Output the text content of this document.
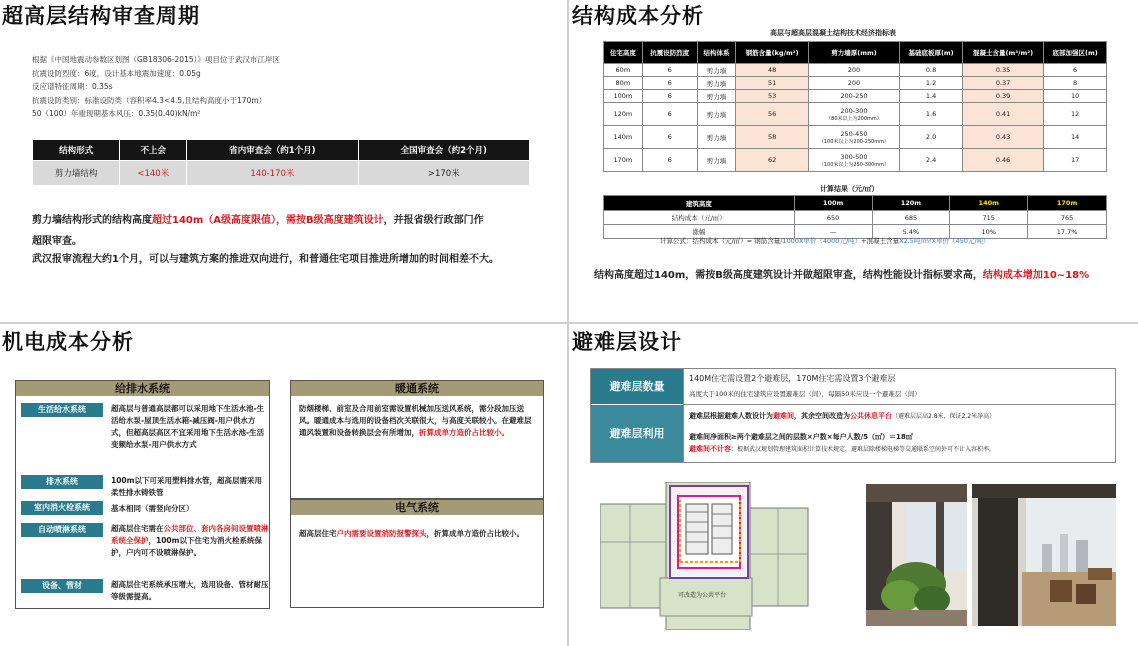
超高层结构审查周期
根据《中国地震动参数区划图（GB18306-2015）》项目位于武汉市江岸区
抗震设防烈度：6度，设计基本地震加速度：0.05g
反应谱特征周期：0.35s
抗震设防类别：标准设防类（容积率4.3<4.5,且结构高度小于170m）
50（100）年重现期基本风压：0.35(0.40)kN/m²
结构形式	不上会	省内审查会（约1个月)	全国审查会（约2个月)
剪力墙结构	<140米	140-170米	>170米
剪力墙结构形式的结构高度超过140m（A级高度限值），需按B级高度建筑设计，并报省级行政部门作
超限审查。
武汉报审流程大约1个月，可以与建筑方案的推进双向进行，和普通住宅项目推进所增加的时间相差不大。
结构成本分析
高层与超高层混凝土结构技术经济指标表
住宅高度	抗震设防烈度	结构体系	钢筋含量(kg/m²)	剪力墙厚(mm)	基础底板厚(m)	混凝土含量(m³/m²)	底部加强区(m)
60m	6	剪力墙	48	200	0.8	0.35	6
80m	6	剪力墙	51	200	1.2	0.37	8
100m	6	剪力墙	53	200-250	1.4	0.39	10
120m	6	剪力墙	56	200-300
（80米以上为200mm）	1.6	0.41	12
140m	6	剪力墙	58	250-450
（100米以上为200-250mm）	2.0	0.43	14
170m	6	剪力墙	62	300-500
（100米以上为250-300mm）	2.4	0.46	17
计算结果（元/㎡）
建筑高度	100m	120m	140m	170m
结构成本（元/㎡）	650	685	715	765
涨幅	—	5.4%	10%	17.7%
计算公式：结构成本（元/㎡）= 钢筋含量/1000X单价（4000元/吨）+混凝土含量X2.5吨/m³X单价（450元/吨）
结构高度超过140m，需按B级高度建筑设计并做超限审查，结构性能设计指标要求高，结构成本增加10~18%
机电成本分析
给排水系统
生活给水系统	超高层与普通高层都可以采用地下生活水池-生活给水泵-屋顶生活水箱-减压阀-用户供水方式，但超高层高区不宜采用地下生活水池-生活变频给水泵-用户供水方式
排水系统	100m以下可采用塑料排水管，超高层需采用柔性排水铸铁管
室内消火栓系统	基本相同（需竖向分区）
自动喷淋系统	超高层住宅需在公共部位、套内各房间设置喷淋系统全保护，100m以下住宅为消火栓系统保护，户内可不设喷淋保护。
设备、管材	超高层住宅系统承压增大，选用设备、管材耐压等级需提高。
暖通系统
防烟楼梯、前室及合用前室需设置机械加压送风系统，需分段加压送风。暖通成本与选用的设备档次关联很大，与高度关联较小。在避难层通风装置和设备转换层会有所增加，折算成单方造价占比较小。
电气系统
超高层住宅户内需要设置消防报警探头，折算成单方造价占比较小。
避难层设计
避难层数量
140M住宅需设置2个避难层，170M住宅需设置3个避难层
高度大于100米的住宅建筑应设置避难层（间），每隔50米应设一个避难层（间）
避难层利用
避难层根据避难人数设计为避难间，其余空间改造为公共休息平台（避难层层高2.8米，保证2.2米净高）
避难间净面积≥两个避难层之间的层数×户数×每户人数/5（㎡）＝18㎡
避难间不计容：根据武汉规划管理建筑面积计算技术规定，避难层除楼梯电梯等交通联系空间外可不计入容积率。
可改造为公共平台
